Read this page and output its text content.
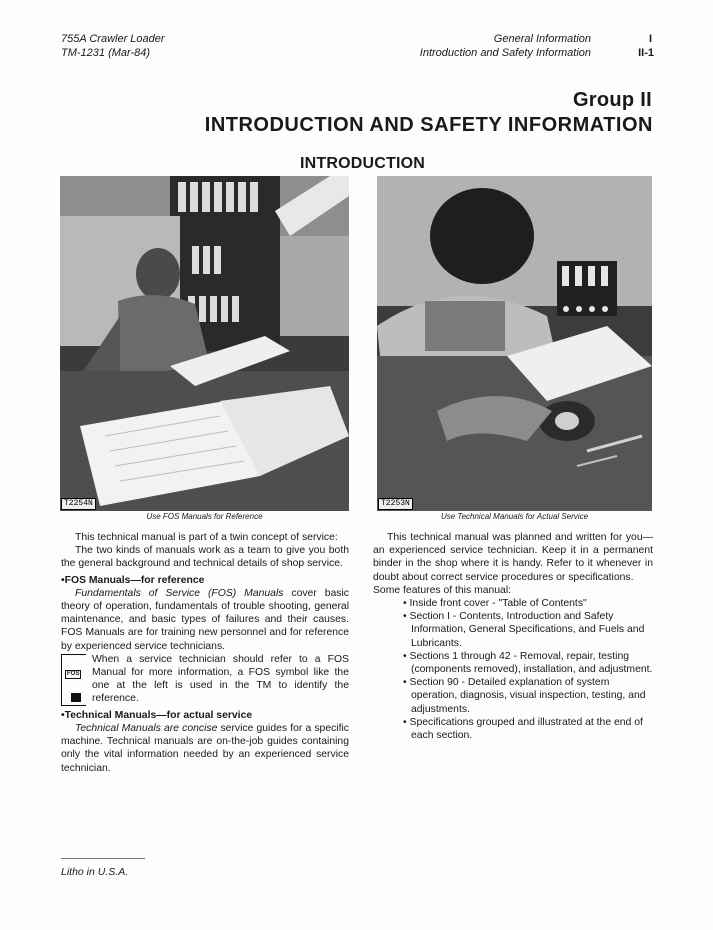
755A Crawler Loader
TM-1231 (Mar-84)
General Information
Introduction and Safety Information
I
II-1
Group II
INTRODUCTION AND SAFETY INFORMATION
INTRODUCTION
T2254N
Use FOS Manuals for Reference
T2253N
Use Technical Manuals for Actual Service

This technical manual is part of a twin concept of service:

The two kinds of manuals work as a team to give you both the general background and technical details of shop service.

•FOS Manuals—for reference

Fundamentals of Service (FOS) Manuals cover basic theory of operation, fundamentals of trouble shooting, general maintenance, and basic types of failures and their causes. FOS Manuals are for training new personnel and for reference by experienced service technicians.

FOS

When a service technician should refer to a FOS Manual for more information, a FOS symbol like the one at the left is used in the TM to identify the reference.

•Technical Manuals—for actual service

Technical Manuals are concise service guides for a specific machine. Technical manuals are on-the-job guides containing only the vital information needed by an experienced service technician.

This technical manual was planned and written for you—an experienced service technician. Keep it in a permanent binder in the shop where it is handy. Refer to it whenever in doubt about correct service procedures or specifications.

Some features of this manual:

• Inside front cover - "Table of Contents"

• Section I - Contents, Introduction and Safety Information, General Specifications, and Fuels and Lubricants.

• Sections 1 through 42 - Removal, repair, testing (components removed), installation, and adjustment.

• Section 90 - Detailed explanation of system operation, diagnosis, visual inspection, testing, and adjustments.

• Specifications grouped and illustrated at the end of each section.

Litho in U.S.A.
